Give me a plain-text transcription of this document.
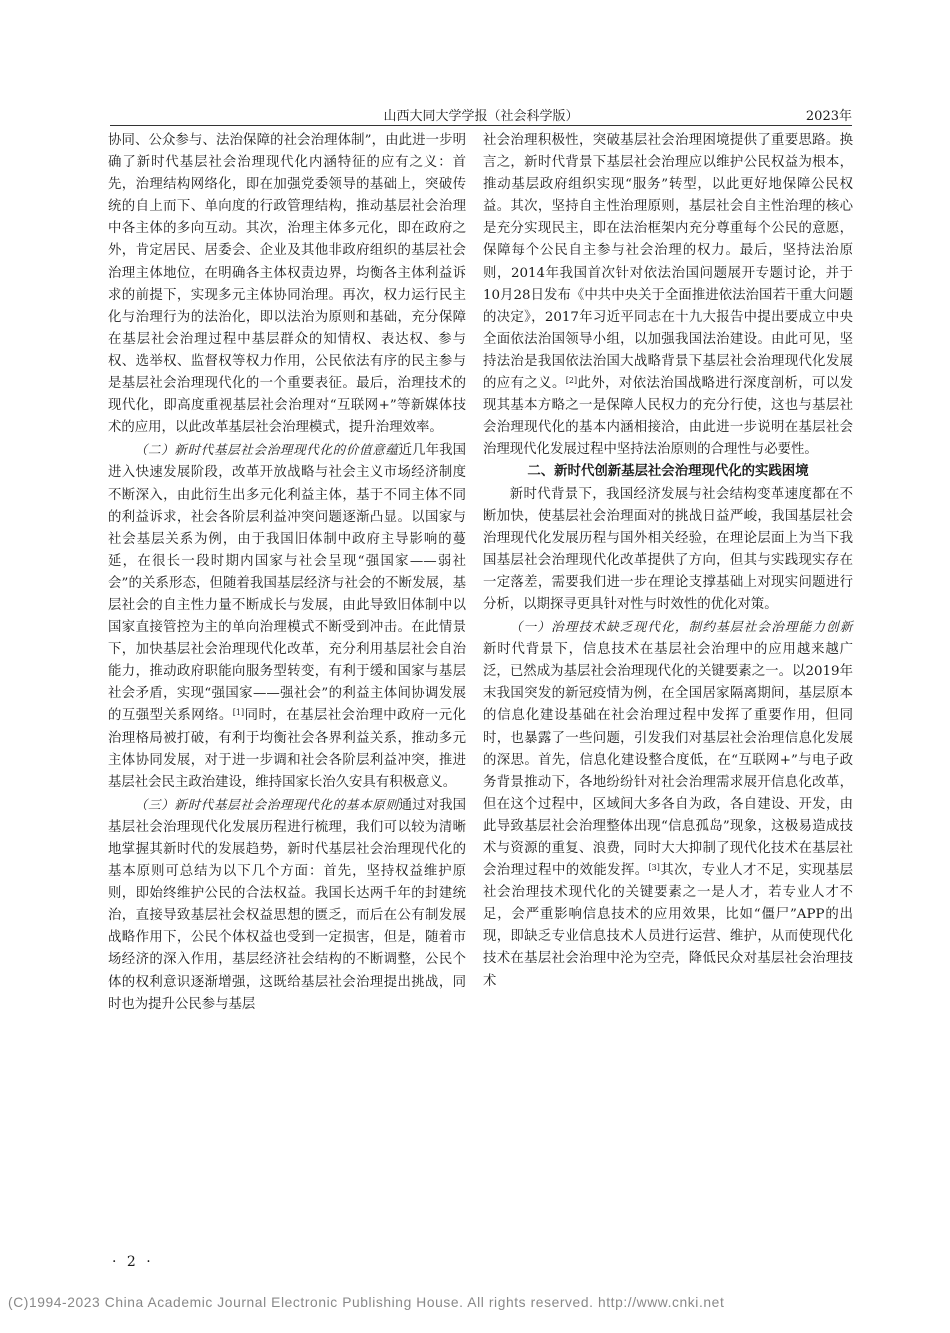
山西大同大学学报（社会科学版）	2023年

协同、公众参与、法治保障的社会治理体制”，由此进一步明确了新时代基层社会治理现代化内涵特征的应有之义：首先，治理结构网络化，即在加强党委领导的基础上，突破传统的自上而下、单向度的行政管理结构，推动基层社会治理中各主体的多向互动。其次，治理主体多元化，即在政府之外，肯定居民、居委会、企业及其他非政府组织的基层社会治理主体地位，在明确各主体权责边界，均衡各主体利益诉求的前提下，实现多元主体协同治理。再次，权力运行民主化与治理行为的法治化，即以法治为原则和基础，充分保障在基层社会治理过程中基层群众的知情权、表达权、参与权、选举权、监督权等权力作用，公民依法有序的民主参与是基层社会治理现代化的一个重要表征。最后，治理技术的现代化，即高度重视基层社会治理对“互联网+”等新媒体技术的应用，以此改革基层社会治理模式，提升治理效率。

（二）新时代基层社会治理现代化的价值意蕴近几年我国进入快速发展阶段，改革开放战略与社会主义市场经济制度不断深入，由此衍生出多元化利益主体，基于不同主体不同的利益诉求，社会各阶层利益冲突问题逐渐凸显。以国家与社会基层关系为例，由于我国旧体制中政府主导影响的蔓延，在很长一段时期内国家与社会呈现“强国家——弱社会”的关系形态，但随着我国基层经济与社会的不断发展，基层社会的自主性力量不断成长与发展，由此导致旧体制中以国家直接管控为主的单向治理模式不断受到冲击。在此情景下，加快基层社会治理现代化改革，充分利用基层社会自治能力，推动政府职能向服务型转变，有利于缓和国家与基层社会矛盾，实现“强国家——强社会”的利益主体间协调发展的互强型关系网络。[1]同时，在基层社会治理中政府一元化治理格局被打破，有利于均衡社会各界利益关系，推动多元主体协同发展，对于进一步调和社会各阶层利益冲突，推进基层社会民主政治建设，维持国家长治久安具有积极意义。

（三）新时代基层社会治理现代化的基本原则通过对我国基层社会治理现代化发展历程进行梳理，我们可以较为清晰地掌握其新时代的发展趋势，新时代基层社会治理现代化的基本原则可总结为以下几个方面：首先，坚持权益维护原则，即始终维护公民的合法权益。我国长达两千年的封建统治，直接导致基层社会权益思想的匮乏，而后在公有制发展战略作用下，公民个体权益也受到一定损害，但是，随着市场经济的深入作用，基层经济社会结构的不断调整，公民个体的权利意识逐渐增强，这既给基层社会治理提出挑战，同时也为提升公民参与基层

社会治理积极性，突破基层社会治理困境提供了重要思路。换言之，新时代背景下基层社会治理应以维护公民权益为根本，推动基层政府组织实现“服务”转型，以此更好地保障公民权益。其次，坚持自主性治理原则，基层社会自主性治理的核心是充分实现民主，即在法治框架内充分尊重每个公民的意愿，保障每个公民自主参与社会治理的权力。最后，坚持法治原则，2014年我国首次针对依法治国问题展开专题讨论，并于10月28日发布《中共中央关于全面推进依法治国若干重大问题的决定》，2017年习近平同志在十九大报告中提出要成立中央全面依法治国领导小组，以加强我国法治建设。由此可见，坚持法治是我国依法治国大战略背景下基层社会治理现代化发展的应有之义。[2]此外，对依法治国战略进行深度剖析，可以发现其基本方略之一是保障人民权力的充分行使，这也与基层社会治理现代化的基本内涵相接洽，由此进一步说明在基层社会治理现代化发展过程中坚持法治原则的合理性与必要性。

二、新时代创新基层社会治理现代化的实践困境

新时代背景下，我国经济发展与社会结构变革速度都在不断加快，使基层社会治理面对的挑战日益严峻，我国基层社会治理现代化发展历程与国外相关经验，在理论层面上为当下我国基层社会治理现代化改革提供了方向，但其与实践现实存在一定落差，需要我们进一步在理论支撑基础上对现实问题进行分析，以期探寻更具针对性与时效性的优化对策。

（一）治理技术缺乏现代化，制约基层社会治理能力创新　新时代背景下，信息技术在基层社会治理中的应用越来越广泛，已然成为基层社会治理现代化的关键要素之一。以2019年末我国突发的新冠疫情为例，在全国居家隔离期间，基层原本的信息化建设基础在社会治理过程中发挥了重要作用，但同时，也暴露了一些问题，引发我们对基层社会治理信息化发展的深思。首先，信息化建设整合度低，在“互联网+”与电子政务背景推动下，各地纷纷针对社会治理需求展开信息化改革，但在这个过程中，区域间大多各自为政，各自建设、开发，由此导致基层社会治理整体出现“信息孤岛”现象，这极易造成技术与资源的重复、浪费，同时大大抑制了现代化技术在基层社会治理过程中的效能发挥。[3]其次，专业人才不足，实现基层社会治理技术现代化的关键要素之一是人才，若专业人才不足，会严重影响信息技术的应用效果，比如“僵尸”APP的出现，即缺乏专业信息技术人员进行运营、维护，从而使现代化技术在基层社会治理中沦为空壳，降低民众对基层社会治理技术

· 2 ·
(C)1994-2023 China Academic Journal Electronic Publishing House. All rights reserved. http://www.cnki.net
